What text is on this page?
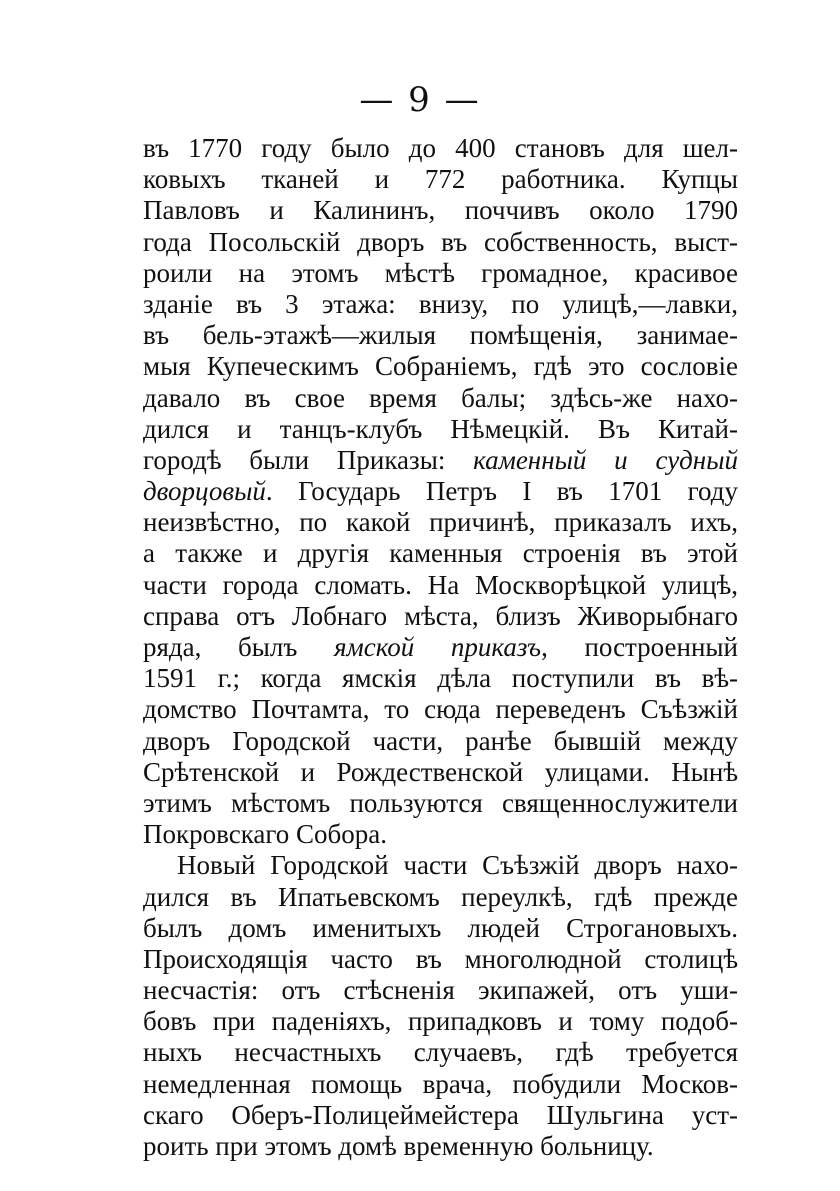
— 9 —
въ 1770 году было до 400 становъ для шел-
ковыхъ тканей и 772 работника. Купцы
Павловъ и Калининъ, поччивъ около 1790
года Посольскій дворъ въ собственность, выст-
роили на этомъ мѣстѣ громадное, красивое
зданіе въ 3 этажа: внизу, по улицѣ,—лавки,
въ бель-этажѣ—жилыя помѣщенія, занимае-
мыя Купеческимъ Собраніемъ, гдѣ это сословіе
давало въ свое время балы; здѣсь-же нахо-
дился и танцъ-клубъ Нѣмецкій. Въ Китай-
городѣ были Приказы: каменный и судный
дворцовый. Государь Петръ I въ 1701 году
неизвѣстно, по какой причинѣ, приказалъ ихъ,
а также и другія каменныя строенія въ этой
части города сломать. На Москворѣцкой улицѣ,
справа отъ Лобнаго мѣста, близъ Живорыбнаго
ряда, былъ ямской приказъ, построенный
1591 г.; когда ямскія дѣла поступили въ вѣ-
домство Почтамта, то сюда переведенъ Съѣзжій
дворъ Городской части, ранѣе бывшій между
Срѣтенской и Рождественской улицами. Нынѣ
этимъ мѣстомъ пользуются священнослужители
Покровскаго Собора.
Новый Городской части Съѣзжій дворъ нахо-
дился въ Ипатьевскомъ переулкѣ, гдѣ прежде
былъ домъ именитыхъ людей Строгановыхъ.
Происходящія часто въ многолюдной столицѣ
несчастія: отъ стѣсненія экипажей, отъ уши-
бовъ при паденіяхъ, припадковъ и тому подоб-
ныхъ несчастныхъ случаевъ, гдѣ требуется
немедленная помощь врача, побудили Москов-
скаго Оберъ-Полицеймейстера Шульгина уст-
роить при этомъ домѣ временную больницу.
